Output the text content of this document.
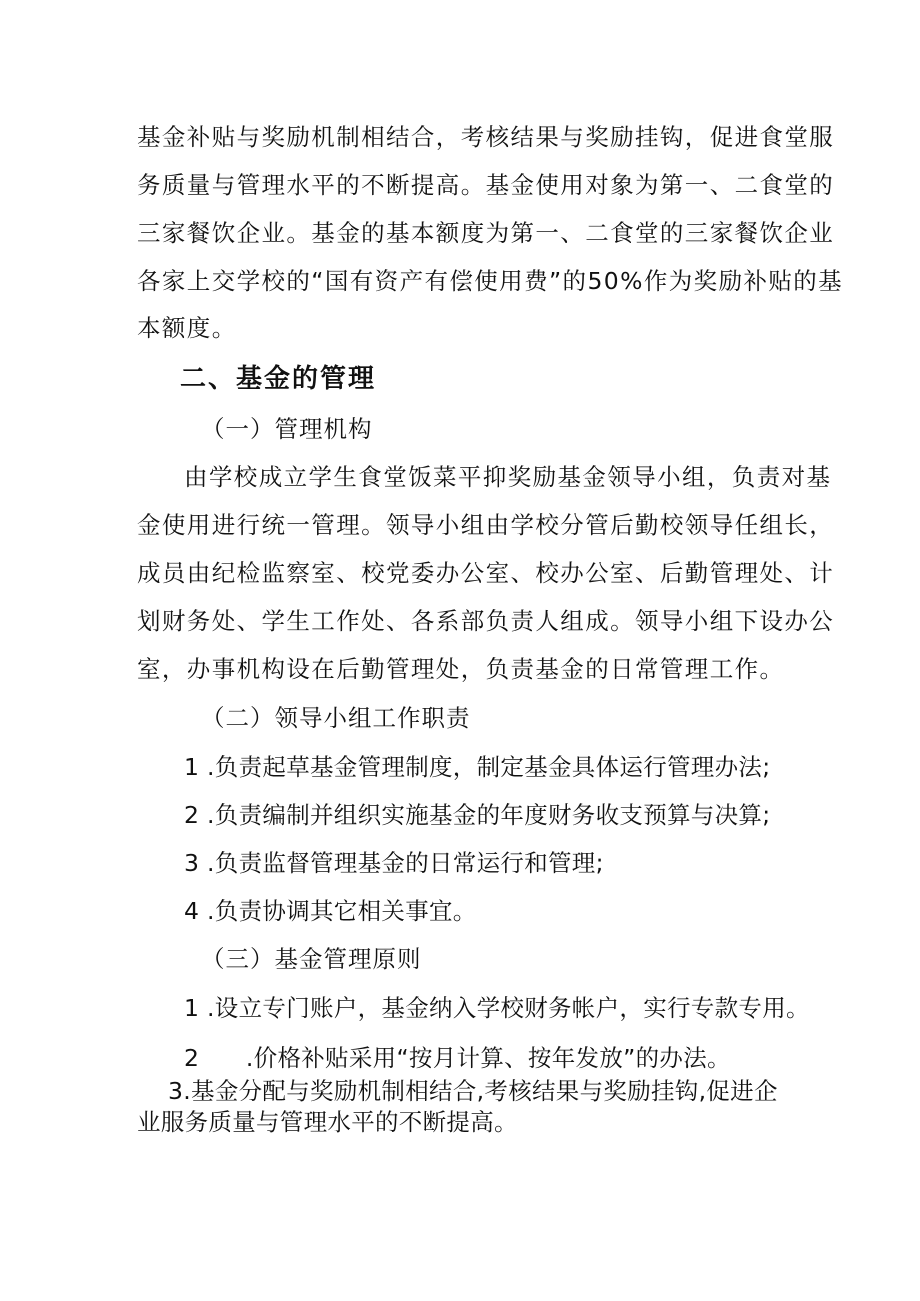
基金补贴与奖励机制相结合，考核结果与奖励挂钩，促进食堂服
务质量与管理水平的不断提高。基金使用对象为第一、二食堂的
三家餐饮企业。基金的基本额度为第一、二食堂的三家餐饮企业
各家上交学校的“国有资产有偿使用费”的50%作为奖励补贴的基
本额度。
二、基金的管理
（一）管理机构
由学校成立学生食堂饭菜平抑奖励基金领导小组，负责对基
金使用进行统一管理。领导小组由学校分管后勤校领导任组长，
成员由纪检监察室、校党委办公室、校办公室、后勤管理处、计
划财务处、学生工作处、各系部负责人组成。领导小组下设办公
室，办事机构设在后勤管理处，负责基金的日常管理工作。
（二）领导小组工作职责
1 .负责起草基金管理制度，制定基金具体运行管理办法;
2 .负责编制并组织实施基金的年度财务收支预算与决算;
3 .负责监督管理基金的日常运行和管理;
4 .负责协调其它相关事宜。
（三）基金管理原则
1 .设立专门账户，基金纳入学校财务帐户，实行专款专用。
2      .价格补贴采用“按月计算、按年发放”的办法。
3.基金分配与奖励机制相结合,考核结果与奖励挂钩,促进企
业服务质量与管理水平的不断提高。
